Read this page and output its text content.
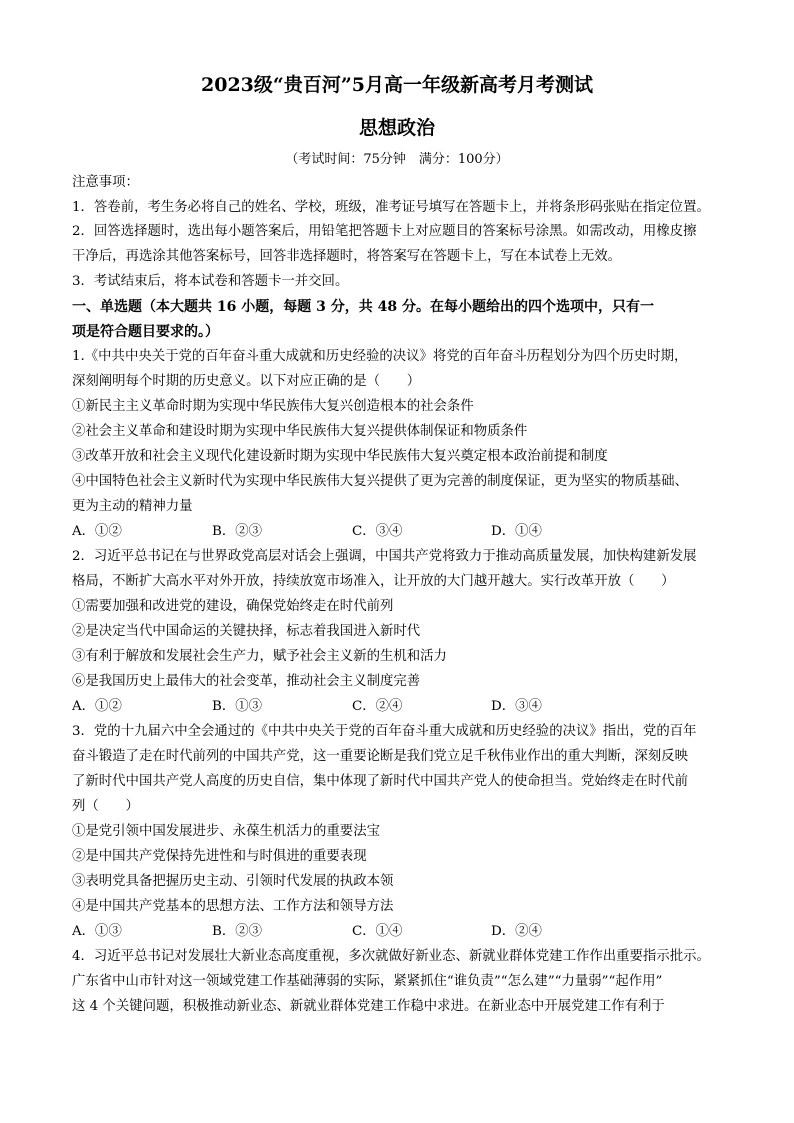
2023级“贵百河”5月高一年级新高考月考测试
思想政治
（考试时间：75分钟　满分：100分）
注意事项：
1．答卷前，考生务必将自己的姓名、学校，班级，准考证号填写在答题卡上，并将条形码张贴在指定位置。
2．回答选择题时，选出每小题答案后，用铅笔把答题卡上对应题目的答案标号涂黑。如需改动，用橡皮擦
干净后，再选涂其他答案标号，回答非选择题时，将答案写在答题卡上，写在本试卷上无效。
3．考试结束后，将本试卷和答题卡一并交回。
一、单选题（本大题共 16 小题，每题 3 分，共 48 分。在每小题给出的四个选项中，只有一
项是符合题目要求的。）
1.《中共中央关于党的百年奋斗重大成就和历史经验的决议》将党的百年奋斗历程划分为四个历史时期，
深刻阐明每个时期的历史意义。以下对应正确的是（　　）
①新民主主义革命时期为实现中华民族伟大复兴创造根本的社会条件
②社会主义革命和建设时期为实现中华民族伟大复兴提供体制保证和物质条件
③改革开放和社会主义现代化建设新时期为实现中华民族伟大复兴奠定根本政治前提和制度
④中国特色社会主义新时代为实现中华民族伟大复兴提供了更为完善的制度保证，更为坚实的物质基础、
更为主动的精神力量
A．①②	B．②③	C．③④	D．①④
2．习近平总书记在与世界政党高层对话会上强调，中国共产党将致力于推动高质量发展，加快构建新发展
格局，不断扩大高水平对外开放，持续放宽市场准入，让开放的大门越开越大。实行改革开放（　　）
①需要加强和改进党的建设，确保党始终走在时代前列
②是决定当代中国命运的关键抉择，标志着我国进入新时代
③有利于解放和发展社会生产力，赋予社会主义新的生机和活力
⑥是我国历史上最伟大的社会变革，推动社会主义制度完善
A．①②	B．①③	C．②④	D．③④
3．党的十九届六中全会通过的《中共中央关于党的百年奋斗重大成就和历史经验的决议》指出，党的百年
奋斗锻造了走在时代前列的中国共产党，这一重要论断是我们党立足千秋伟业作出的重大判断，深刻反映
了新时代中国共产党人高度的历史自信，集中体现了新时代中国共产党人的使命担当。党始终走在时代前
列（　　）
①是党引领中国发展进步、永葆生机活力的重要法宝
②是中国共产党保持先进性和与时俱进的重要表现
③表明党具备把握历史主动、引领时代发展的执政本领
④是中国共产党基本的思想方法、工作方法和领导方法
A．①③	B．②③	C．①④	D．②④
4．习近平总书记对发展壮大新业态高度重视，多次就做好新业态、新就业群体党建工作作出重要指示批示。
广东省中山市针对这一领域党建工作基础薄弱的实际，紧紧抓住“谁负责”“怎么建”“力量弱”“起作用”
这 4 个关键问题，积极推动新业态、新就业群体党建工作稳中求进。在新业态中开展党建工作有利于
